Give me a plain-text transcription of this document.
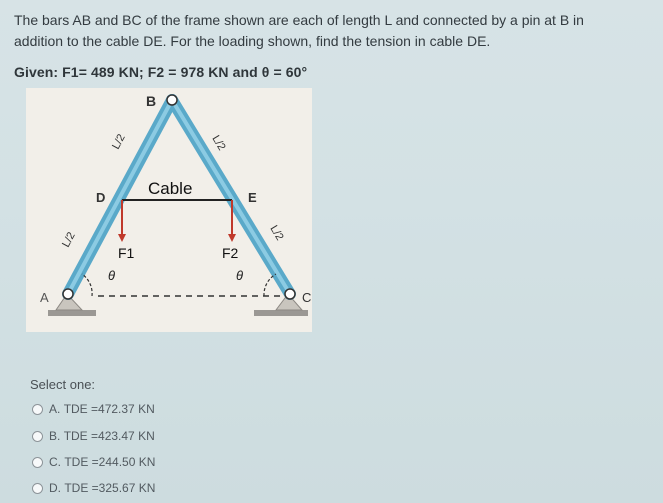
The bars AB and BC of the frame shown are each of length L and connected by a pin at B in
addition to the cable DE. For the loading shown, find the tension in cable DE.
Given: F1= 489 KN; F2 = 978 KN and θ = 60°
B
A	C
D	E
Cable
F1	F2
θ	θ
L/2
L/2
L/2
L/2
Select one:
A.
TDE =472.37 KN
B.
TDE =423.47 KN
C.
TDE =244.50 KN
D.
TDE =325.67 KN
